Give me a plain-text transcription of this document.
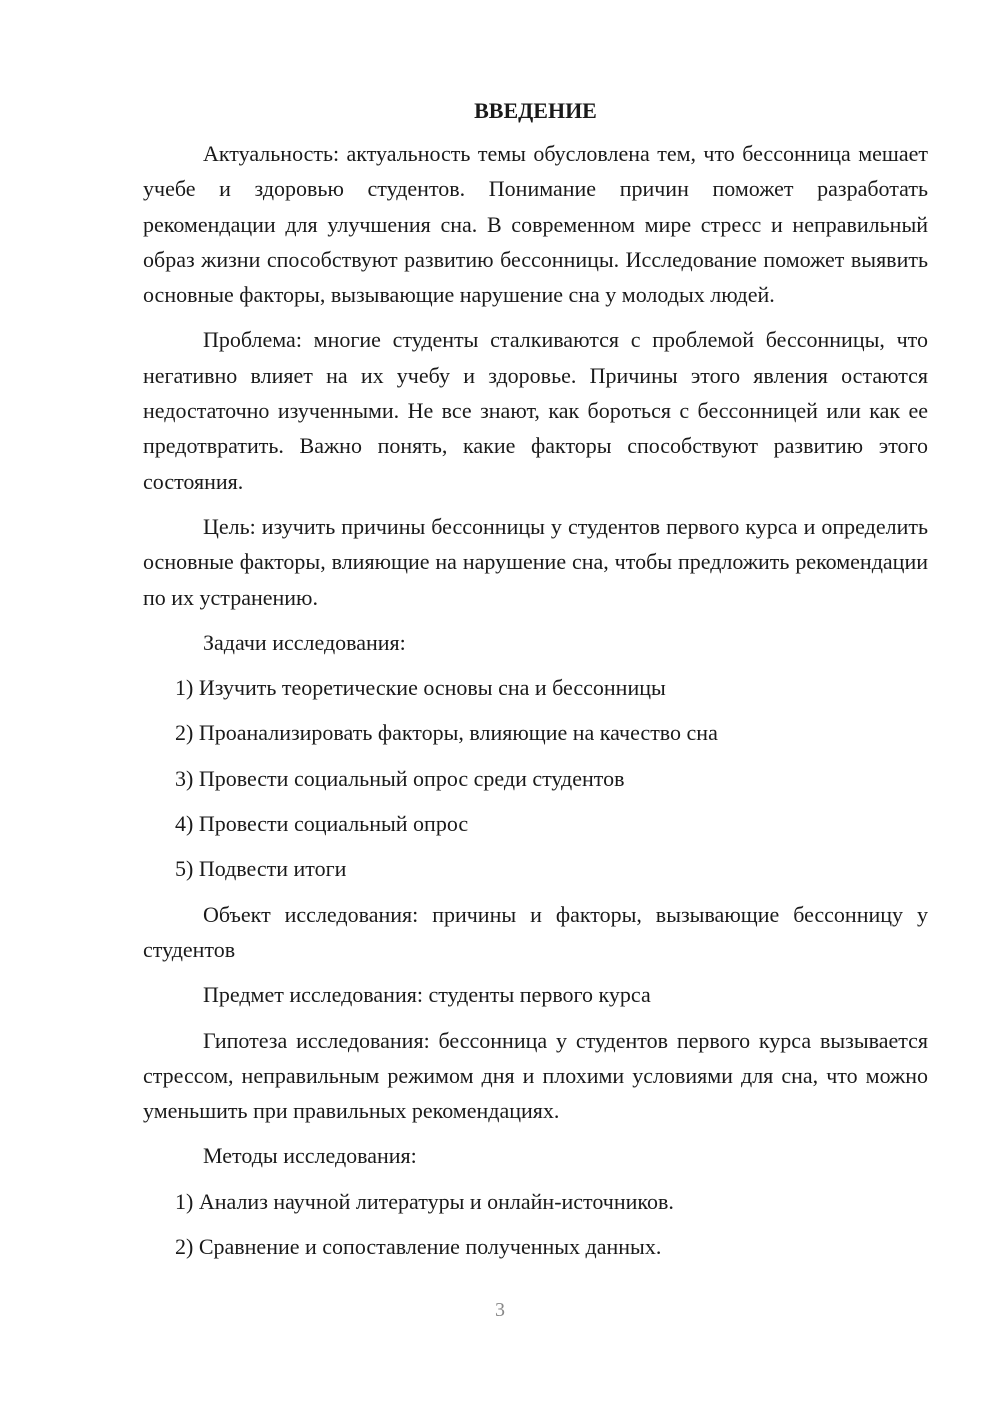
ВВЕДЕНИЕ

Актуальность: актуальность темы обусловлена тем, что бессонница мешает учебе и здоровью студентов. Понимание причин поможет разработать рекомендации для улучшения сна. В современном мире стресс и неправильный образ жизни способствуют развитию бессонницы. Исследование поможет выявить основные факторы, вызывающие нарушение сна у молодых людей.

Проблема: многие студенты сталкиваются с проблемой бессонницы, что негативно влияет на их учебу и здоровье. Причины этого явления остаются недостаточно изученными. Не все знают, как бороться с бессонницей или как ее предотвратить. Важно понять, какие факторы способствуют развитию этого состояния.

Цель: изучить причины бессонницы у студентов первого курса и определить основные факторы, влияющие на нарушение сна, чтобы предложить рекомендации по их устранению.

Задачи исследования:
1) Изучить теоретические основы сна и бессонницы
2) Проанализировать факторы, влияющие на качество сна
3) Провести социальный опрос среди студентов
4) Провести социальный опрос
5) Подвести итоги

Объект исследования: причины и факторы, вызывающие бессонницу у студентов

Предмет исследования: студенты первого курса

Гипотеза исследования: бессонница у студентов первого курса вызывается стрессом, неправильным режимом дня и плохими условиями для сна, что можно уменьшить при правильных рекомендациях.

Методы исследования:
1) Анализ научной литературы и онлайн-источников.
2) Сравнение и сопоставление полученных данных.
3
